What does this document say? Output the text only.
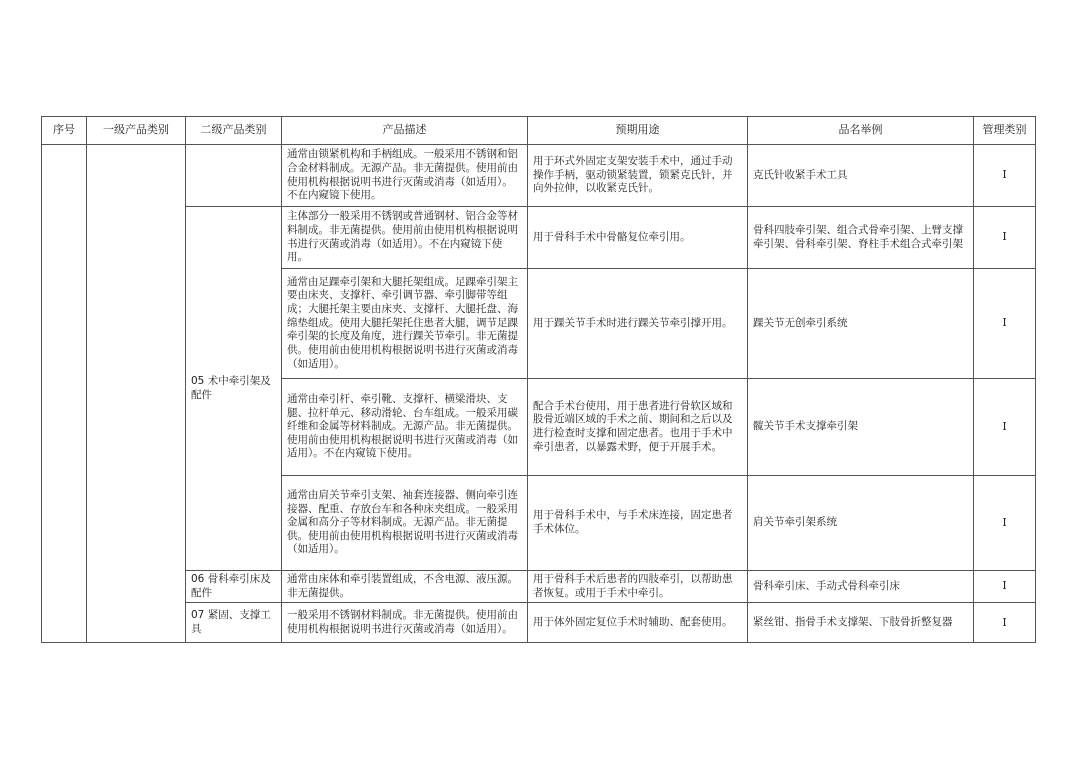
序号	一级产品类别	二级产品类别	产品描述	预期用途	品名举例	管理类别
			通常由锁紧机构和手柄组成。一般采用不锈钢和铝合金材料制成。无源产品。非无菌提供。使用前由使用机构根据说明书进行灭菌或消毒（如适用）。不在内窥镜下使用。	用于环式外固定支架安装手术中，通过手动操作手柄，驱动锁紧装置，锁紧克氏针，并向外拉伸，以收紧克氏针。	克氏针收紧手术工具	I
		05 术中牵引架及配件	主体部分一般采用不锈钢或普通钢材、铝合金等材料制成。非无菌提供。使用前由使用机构根据说明书进行灭菌或消毒（如适用）。不在内窥镜下使用。	用于骨科手术中骨骼复位牵引用。	骨科四肢牵引架、组合式骨牵引架、上臂支撑牵引架、骨科牵引架、脊柱手术组合式牵引架	I
			通常由足踝牵引架和大腿托架组成。足踝牵引架主要由床夹、支撑杆、牵引调节器、牵引脚带等组成；大腿托架主要由床夹、支撑杆、大腿托盘、海绵垫组成。使用大腿托架托住患者大腿，调节足踝牵引架的长度及角度，进行踝关节牵引。非无菌提供。使用前由使用机构根据说明书进行灭菌或消毒（如适用）。	用于踝关节手术时进行踝关节牵引撑开用。	踝关节无创牵引系统	I
			通常由牵引杆、牵引靴、支撑杆、横梁滑块、支腿、拉杆单元、移动滑轮、台车组成。一般采用碳纤维和金属等材料制成。无源产品。非无菌提供。使用前由使用机构根据说明书进行灭菌或消毒（如适用）。不在内窥镜下使用。	配合手术台使用，用于患者进行骨软区域和股骨近端区域的手术之前、期间和之后以及进行检查时支撑和固定患者。也用于手术中牵引患者，以暴露术野，便于开展手术。	髋关节手术支撑牵引架	I
			通常由肩关节牵引支架、袖套连接器、侧向牵引连接器、配重、存放台车和各种床夹组成。一般采用金属和高分子等材料制成。无源产品。非无菌提供。使用前由使用机构根据说明书进行灭菌或消毒（如适用）。	用于骨科手术中，与手术床连接，固定患者手术体位。	肩关节牵引架系统	I
		06 骨科牵引床及配件	通常由床体和牵引装置组成，不含电源、液压源。非无菌提供。	用于骨科手术后患者的四肢牵引，以帮助患者恢复。或用于手术中牵引。	骨科牵引床、手动式骨科牵引床	I
		07 紧固、支撑工具	一般采用不锈钢材料制成。非无菌提供。使用前由使用机构根据说明书进行灭菌或消毒（如适用）。	用于体外固定复位手术时辅助、配套使用。	紧丝钳、指骨手术支撑架、下肢骨折整复器	I
